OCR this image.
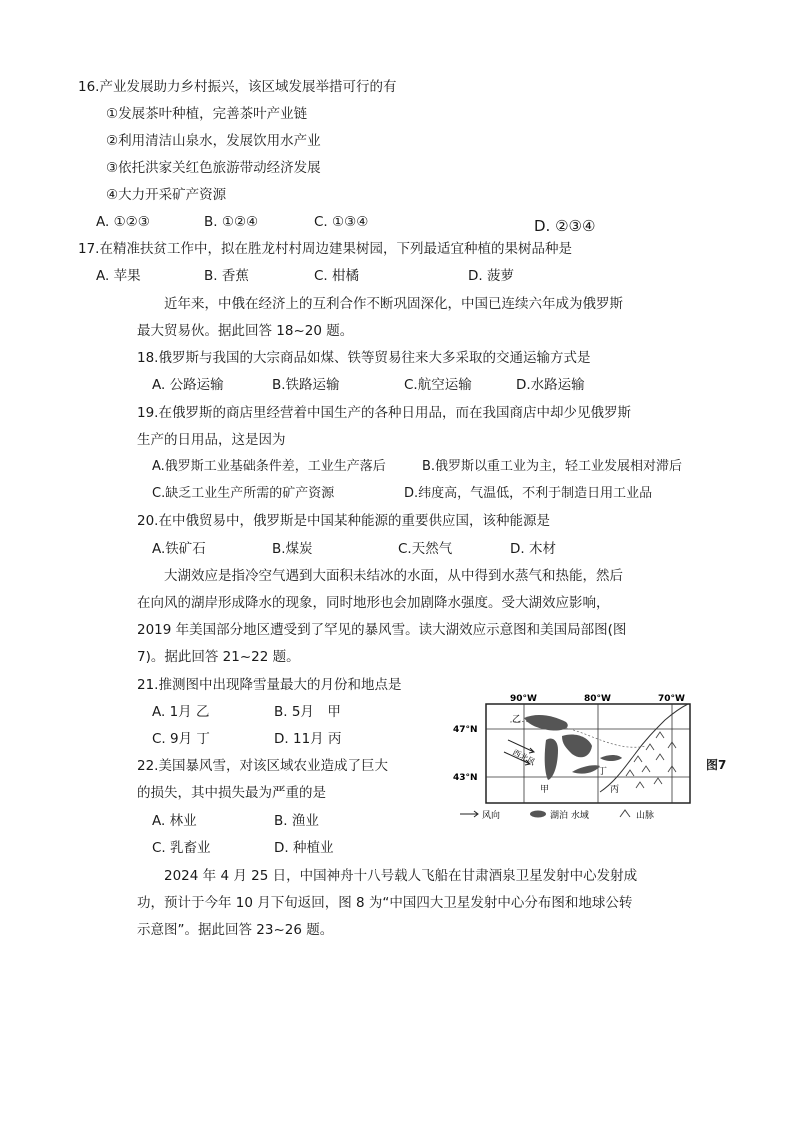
16.产业发展助力乡村振兴，该区域发展举措可行的有
①发展茶叶种植，完善茶叶产业链
②利用清洁山泉水，发展饮用水产业
③依托洪家关红色旅游带动经济发展
④大力开采矿产资源
A. ①②③	B. ①②④	C. ①③④	D. ②③④
17.在精准扶贫工作中，拟在胜龙村村周边建果树园，下列最适宜种植的果树品种是
A. 苹果	B. 香蕉	C. 柑橘	D. 菠萝
近年来，中俄在经济上的互利合作不断巩固深化，中国已连续六年成为俄罗斯
最大贸易伙。据此回答 18~20 题。
18.俄罗斯与我国的大宗商品如煤、铁等贸易往来大多采取的交通运输方式是
A. 公路运输	B.铁路运输	C.航空运输	D.水路运输
19.在俄罗斯的商店里经营着中国生产的各种日用品，而在我国商店中却少见俄罗斯
生产的日用品，这是因为
A.俄罗斯工业基础条件差，工业生产落后	B.俄罗斯以重工业为主，轻工业发展相对滞后
C.缺乏工业生产所需的矿产资源	D.纬度高，气温低，不利于制造日用工业品
20.在中俄贸易中，俄罗斯是中国某种能源的重要供应国，该种能源是
A.铁矿石	B.煤炭	C.天然气	D. 木材
大湖效应是指冷空气遇到大面积未结冰的水面，从中得到水蒸气和热能，然后
在向风的湖岸形成降水的现象，同时地形也会加剧降水强度。受大湖效应影响，
2019 年美国部分地区遭受到了罕见的暴风雪。读大湖效应示意图和美国局部图(图
7)。据此回答 21~22 题。
21.推测图中出现降雪量最大的月份和地点是
A. 1月 乙	B. 5月　甲
C. 9月 丁	D. 11月 丙
22.美国暴风雪，对该区域农业造成了巨大
的损失，其中损失最为严重的是
A. 林业	B. 渔业
C. 乳畜业	D. 种植业
2024 年 4 月 25 日，中国神舟十八号载人飞船在甘肃酒泉卫星发射中心发射成
功，预计于今年 10 月下旬返回，图 8 为“中国四大卫星发射中心分布图和地球公转
示意图”。据此回答 23~26 题。
90°W	80°W	70°W
47°N
43°N
西北风
乙
甲
丁
丙
风向	湖泊 水域	山脉
图7
